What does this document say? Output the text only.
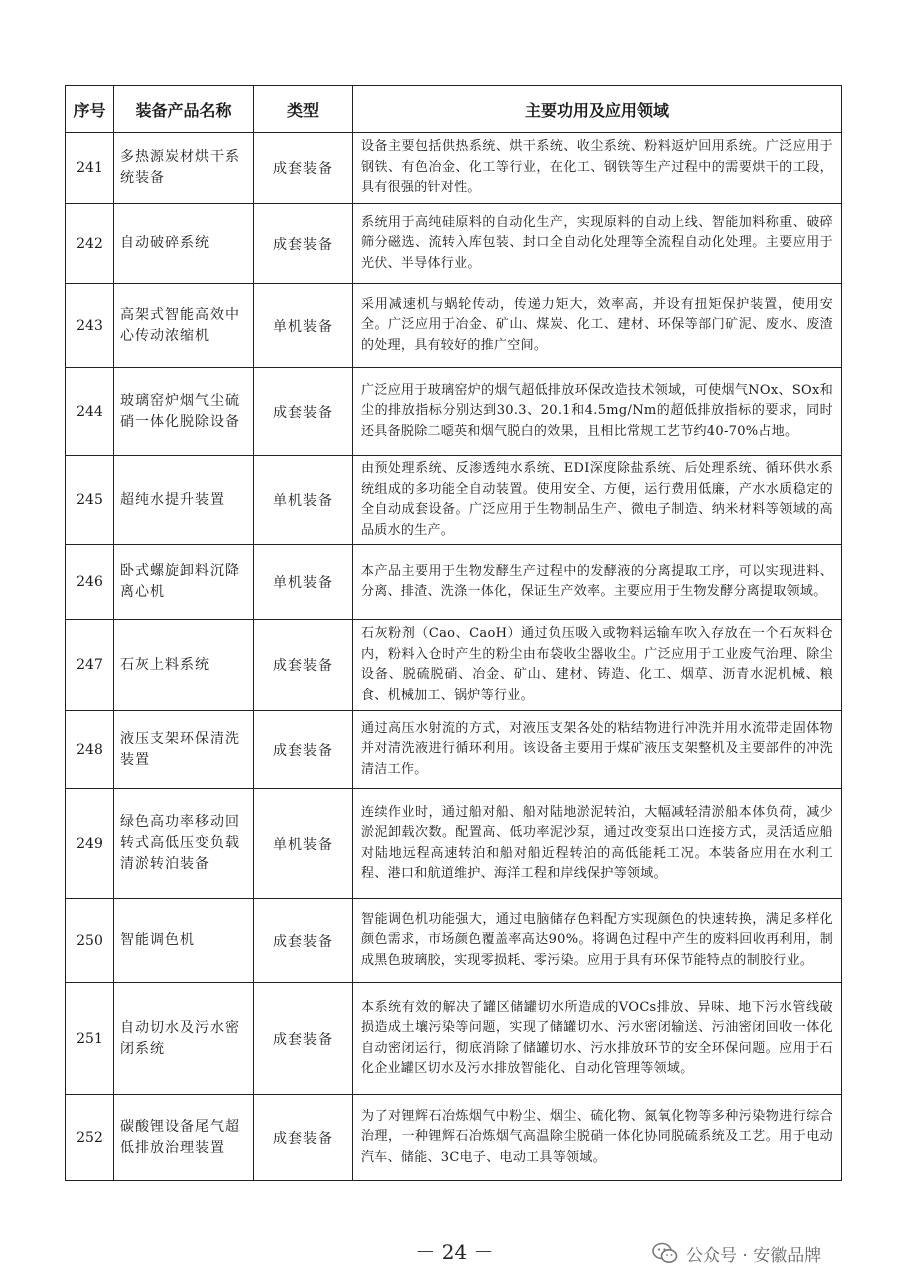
序号	装备产品名称	类型	主要功用及应用领域
241	多热源炭材烘干系统装备	成套装备	设备主要包括供热系统、烘干系统、收尘系统、粉料返炉回用系统。广泛应用于钢铁、有色冶金、化工等行业，在化工、钢铁等生产过程中的需要烘干的工段，具有很强的针对性。
242	自动破碎系统	成套装备	系统用于高纯硅原料的自动化生产，实现原料的自动上线、智能加料称重、破碎筛分磁选、流转入库包装、封口全自动化处理等全流程自动化处理。主要应用于光伏、半导体行业。
243	高架式智能高效中心传动浓缩机	单机装备	采用减速机与蜗轮传动，传递力矩大，效率高，并设有扭矩保护装置，使用安全。广泛应用于冶金、矿山、煤炭、化工、建材、环保等部门矿泥、废水、废渣的处理，具有较好的推广空间。
244	玻璃窑炉烟气尘硫硝一体化脱除设备	成套装备	广泛应用于玻璃窑炉的烟气超低排放环保改造技术领域，可使烟气NOx、SOx和尘的排放指标分别达到30.3、20.1和4.5mg/Nm的超低排放指标的要求，同时还具备脱除二噁英和烟气脱白的效果，且相比常规工艺节约40-70%占地。
245	超纯水提升装置	单机装备	由预处理系统、反渗透纯水系统、EDI深度除盐系统、后处理系统、循环供水系统组成的多功能全自动装置。使用安全、方便，运行费用低廉，产水水质稳定的全自动成套设备。广泛应用于生物制品生产、微电子制造、纳米材料等领域的高品质水的生产。
246	卧式螺旋卸料沉降离心机	单机装备	本产品主要用于生物发酵生产过程中的发酵液的分离提取工序，可以实现进料、分离、排渣、洗涤一体化，保证生产效率。主要应用于生物发酵分离提取领域。
247	石灰上料系统	成套装备	石灰粉剂（Cao、CaoH）通过负压吸入或物料运输车吹入存放在一个石灰料仓内，粉料入仓时产生的粉尘由布袋收尘器收尘。广泛应用于工业废气治理、除尘设备、脱硫脱硝、冶金、矿山、建材、铸造、化工、烟草、沥青水泥机械、粮食、机械加工、锅炉等行业。
248	液压支架环保清洗装置	成套装备	通过高压水射流的方式，对液压支架各处的粘结物进行冲洗并用水流带走固体物并对清洗液进行循环利用。该设备主要用于煤矿液压支架整机及主要部件的冲洗清洁工作。
249	绿色高功率移动回转式高低压变负载清淤转泊装备	单机装备	连续作业时，通过船对船、船对陆地淤泥转泊，大幅减轻清淤船本体负荷，减少淤泥卸载次数。配置高、低功率泥沙泵，通过改变泵出口连接方式，灵活适应船对陆地远程高速转泊和船对船近程转泊的高低能耗工况。本装备应用在水利工程、港口和航道维护、海洋工程和岸线保护等领域。
250	智能调色机	成套装备	智能调色机功能强大，通过电脑储存色料配方实现颜色的快速转换，满足多样化颜色需求，市场颜色覆盖率高达90%。将调色过程中产生的废料回收再利用，制成黑色玻璃胶，实现零损耗、零污染。应用于具有环保节能特点的制胶行业。
251	自动切水及污水密闭系统	成套装备	本系统有效的解决了罐区储罐切水所造成的VOCs排放、异味、地下污水管线破损造成土壤污染等问题，实现了储罐切水、污水密闭输送、污油密闭回收一体化自动密闭运行，彻底消除了储罐切水、污水排放环节的安全环保问题。应用于石化企业罐区切水及污水排放智能化、自动化管理等领域。
252	碳酸锂设备尾气超低排放治理装置	成套装备	为了对锂辉石冶炼烟气中粉尘、烟尘、硫化物、氮氧化物等多种污染物进行综合治理，一种锂辉石冶炼烟气高温除尘脱硝一体化协同脱硫系统及工艺。用于电动汽车、储能、3C电子、电动工具等领域。
－ 24 －	公众号 · 安徽品牌
